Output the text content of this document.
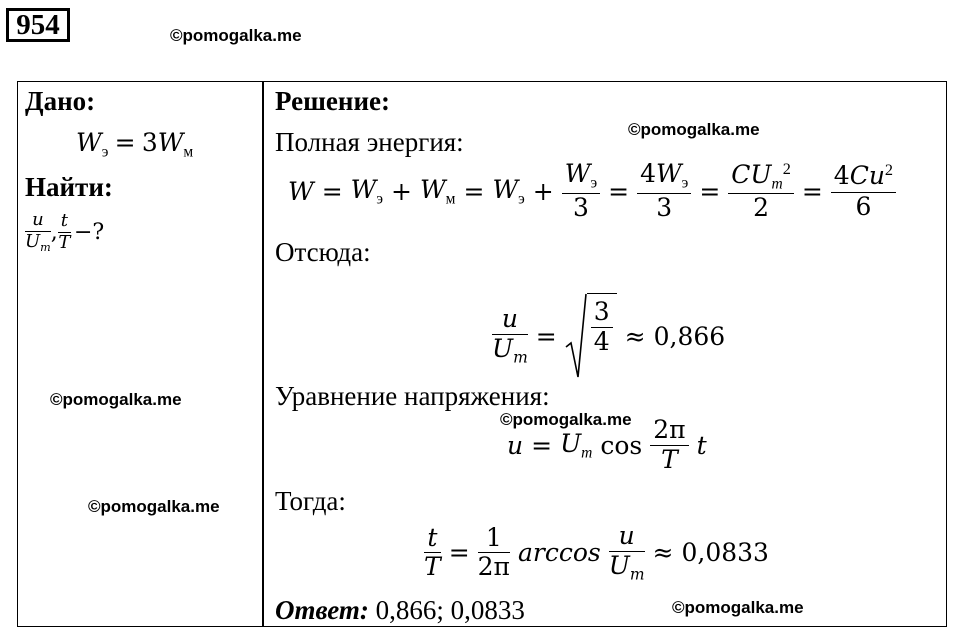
954	©pomogalka.me
Дано:
$W_э = 3W_м$
Найти:
$\frac{u}{U_m}$ , $\frac{t}{T}$ −?
©pomogalka.me
©pomogalka.me
Решение:
Полная энергия:	©pomogalka.me
$W = W_э + W_м = W_э + \frac{W_э}{3} = \frac{4W_э}{3} = \frac{CU_m^2}{2} = \frac{4Cu^2}{6}$
Отсюда:
$\frac{u}{U_m} = \frac{3}{4} \approx 0,866$
Уравнение напряжения:
©pomogalka.me
$u = U_m$ $\cos \frac{2\pi}{T}$ t
Тогда:
$\frac{t}{T} = \frac{1}{2\pi}$ $\arccos \frac{u}{U_m} \approx 0,0833$
Ответ: 0,866; 0,0833	©pomogalka.me
